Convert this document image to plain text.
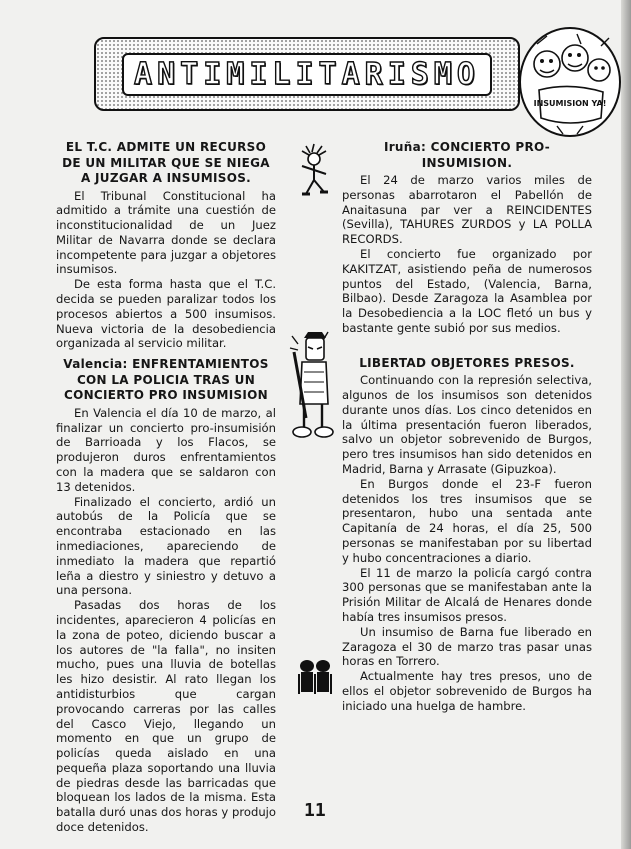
ANTIMILITARISMO
INSUMISION YA!

EL T.C. ADMITE UN RECURSO DE UN MILITAR QUE SE NIEGA A JUZGAR A INSUMISOS.

El Tribunal Constitucional ha admitido a trámite una cuestión de inconstitucionalidad de un Juez Militar de Navarra donde se declara incompetente para juzgar a objetores insumisos.

De esta forma hasta que el T.C. decida se pueden paralizar todos los procesos abiertos a 500 insumisos. Nueva victoria de la desobediencia organizada al servicio militar.

Valencia: ENFRENTAMIENTOS CON LA POLICIA TRAS UN CONCIERTO PRO INSUMISION

En Valencia el día 10 de marzo, al finalizar un concierto pro-insumisión de Barrioada y los Flacos, se produjeron duros enfrentamientos con la madera que se saldaron con 13 detenidos.

Finalizado el concierto, ardió un autobús de la Policía que se encontraba estacionado en las inmediaciones, apareciendo de inmediato la madera que repartió leña a diestro y siniestro y detuvo a una persona.

Pasadas dos horas de los incidentes, aparecieron 4 policías en la zona de poteo, diciendo buscar a los autores de "la falla", no insiten mucho, pues una lluvia de botellas les hizo desistir. Al rato llegan los antidisturbios que cargan provocando carreras por las calles del Casco Viejo, llegando un momento en que un grupo de policías queda aislado en una pequeña plaza soportando una lluvia de piedras desde las barricadas que bloquean los lados de la misma. Esta batalla duró unas dos horas y produjo doce detenidos.

Iruña: CONCIERTO PRO-INSUMISION.

El 24 de marzo varios miles de personas abarrotaron el Pabellón de Anaitasuna par ver a REINCIDENTES (Sevilla), TAHURES ZURDOS y LA POLLA RECORDS.

El concierto fue organizado por KAKITZAT, asistiendo peña de numerosos puntos del Estado, (Valencia, Barna, Bilbao). Desde Zaragoza la Asamblea por la Desobediencia a la LOC fletó un bus y bastante gente subió por sus medios.

LIBERTAD OBJETORES PRESOS.

Continuando con la represión selectiva, algunos de los insumisos son detenidos durante unos días. Los cinco detenidos en la última presentación fueron liberados, salvo un objetor sobrevenido de Burgos, pero tres insumisos han sido detenidos en Madrid, Barna y Arrasate (Gipuzkoa).

En Burgos donde el 23-F fueron detenidos los tres insumisos que se presentaron, hubo una sentada ante Capitanía de 24 horas, el día 25, 500 personas se manifestaban por su libertad y hubo concentraciones a diario.

El 11 de marzo la policía cargó contra 300 personas que se manifestaban ante la Prisión Militar de Alcalá de Henares donde había tres insumisos presos.

Un insumiso de Barna fue liberado en Zaragoza el 30 de marzo tras pasar unas horas en Torrero.

Actualmente hay tres presos, uno de ellos el objetor sobrevenido de Burgos ha iniciado una huelga de hambre.

11
